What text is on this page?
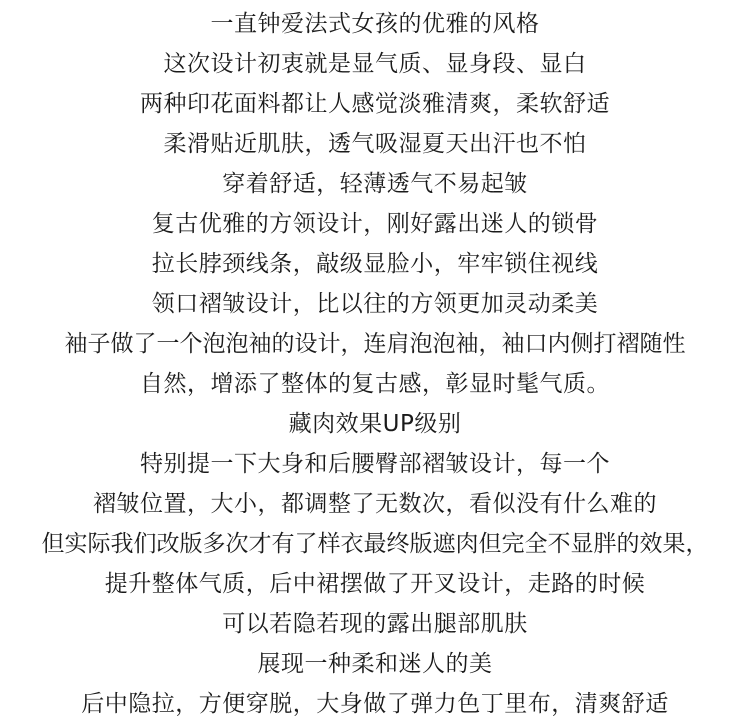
一直钟爱法式女孩的优雅的风格
这次设计初衷就是显气质、显身段、显白
两种印花面料都让人感觉淡雅清爽，柔软舒适
柔滑贴近肌肤，透气吸湿夏天出汗也不怕
穿着舒适，轻薄透气不易起皱
复古优雅的方领设计，刚好露出迷人的锁骨
拉长脖颈线条，敲级显脸小，牢牢锁住视线
领口褶皱设计，比以往的方领更加灵动柔美
袖子做了一个泡泡袖的设计，连肩泡泡袖，袖口内侧打褶随性
自然，增添了整体的复古感，彰显时髦气质。
藏肉效果UP级别
特别提一下大身和后腰臀部褶皱设计，每一个
褶皱位置，大小，都调整了无数次，看似没有什么难的
但实际我们改版多次才有了样衣最终版遮肉但完全不显胖的效果，
提升整体气质，后中裙摆做了开叉设计，走路的时候
可以若隐若现的露出腿部肌肤
展现一种柔和迷人的美
后中隐拉，方便穿脱，大身做了弹力色丁里布，清爽舒适
